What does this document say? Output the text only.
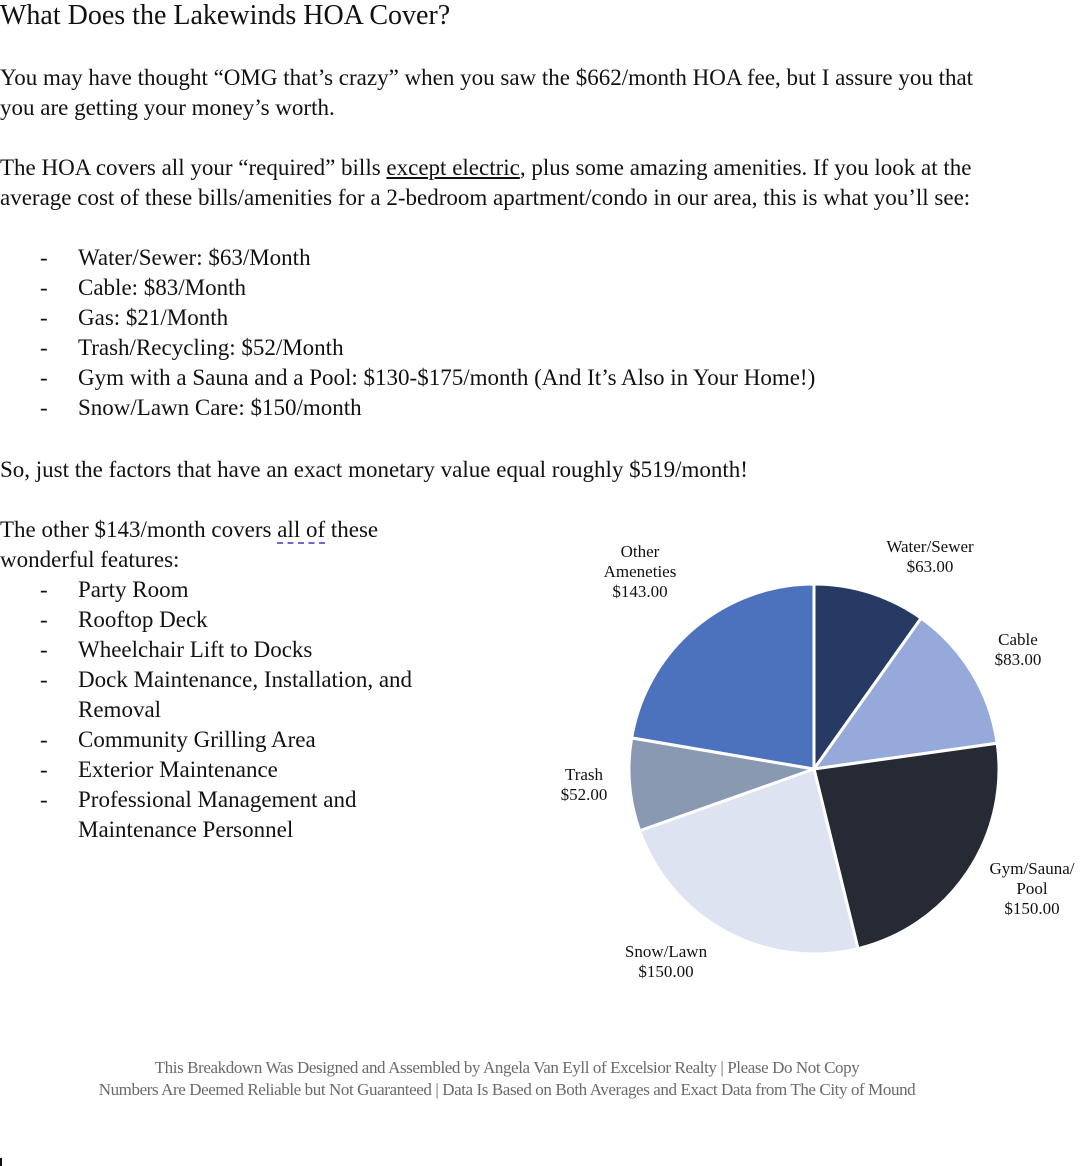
What Does the Lakewinds HOA Cover?

You may have thought “OMG that’s crazy” when you saw the $662/month HOA fee, but I assure you that you are getting your money’s worth.

The HOA covers all your “required” bills except electric, plus some amazing amenities. If you look at the average cost of these bills/amenities for a 2-bedroom apartment/condo in our area, this is what you’ll see:

- Water/Sewer: $63/Month
- Cable: $83/Month
- Gas: $21/Month
- Trash/Recycling: $52/Month
- Gym with a Sauna and a Pool: $130-$175/month (And It’s Also in Your Home!)
- Snow/Lawn Care: $150/month

So, just the factors that have an exact monetary value equal roughly $519/month!

The other $143/month covers all of these wonderful features:

- Party Room
- Rooftop Deck
- Wheelchair Lift to Docks
- Dock Maintenance, Installation, and Removal
- Community Grilling Area
- Exterior Maintenance
- Professional Management and Maintenance Personnel
Water/Sewer
$63.00
Cable
$83.00
Gym/Sauna/
Pool
$150.00
Snow/Lawn
$150.00
Trash
$52.00
Other
Ameneties
$143.00
This Breakdown Was Designed and Assembled by Angela Van Eyll of Excelsior Realty | Please Do Not Copy
Numbers Are Deemed Reliable but Not Guaranteed | Data Is Based on Both Averages and Exact Data from The City of Mound
